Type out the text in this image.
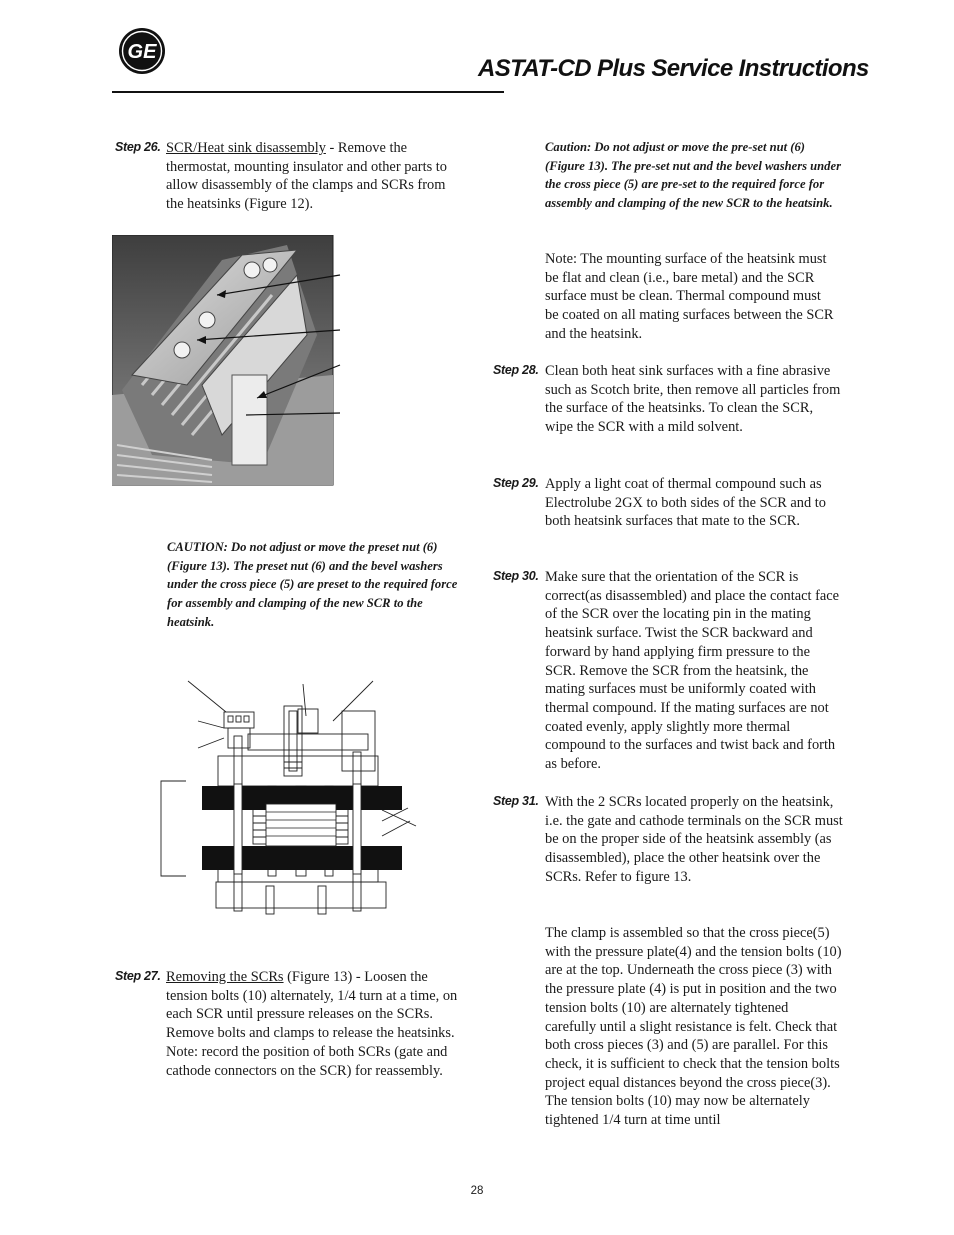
GE
ASTAT-CD Plus Service Instructions
Step 26. SCR/Heat sink disassembly - Remove the thermostat, mounting insulator and other parts to allow disassembly of the clamps and SCRs from the heatsinks (Figure 12).

CAUTION: Do not adjust or move the preset nut (6) (Figure 13). The preset nut (6) and the bevel washers under the cross piece (5) are preset to the required force for assembly and clamping of the new SCR to the heatsink.

Step 27. Removing the SCRs (Figure 13) - Loosen the tension bolts (10) alternately, 1/4 turn at a time, on each SCR until pressure releases on the SCRs. Remove bolts and clamps to release the heatsinks. Note: record the position of both SCRs (gate and cathode connectors on the SCR) for reassembly.

Caution: Do not adjust or move the pre-set nut (6) (Figure 13). The pre-set nut and the bevel washers under the cross piece (5) are pre-set to the required force for assembly and clamping of the new SCR to the heatsink.

Note: The mounting surface of the heatsink must be flat and clean (i.e., bare metal) and the SCR surface must be clean. Thermal compound must be coated on all mating surfaces between the SCR and the heatsink.

Step 28. Clean both heat sink surfaces with a fine abrasive such as Scotch brite, then remove all particles from the surface of the heatsinks. To clean the SCR, wipe the SCR with a mild solvent.

Step 29. Apply a light coat of thermal compound such as Electrolube 2GX to both sides of the SCR and to both heatsink surfaces that mate to the SCR.

Step 30. Make sure that the orientation of the SCR is correct(as disassembled) and place the contact face of the SCR over the locating pin in the mating heatsink surface. Twist the SCR backward and forward by hand applying firm pressure to the SCR. Remove the SCR from the heatsink, the mating surfaces must be uniformly coated with thermal compound. If the mating surfaces are not coated evenly, apply slightly more thermal compound to the surfaces and twist back and forth as before.

Step 31. With the 2 SCRs located properly on the heatsink, i.e. the gate and cathode terminals on the SCR must be on the proper side of the heatsink assembly (as disassembled), place the other heatsink over the SCRs. Refer to figure 13.

The clamp is assembled so that the cross piece(5) with the pressure plate(4) and the tension bolts (10) are at the top. Underneath the cross piece (3) with the pressure plate (4) is put in position and the two tension bolts (10) are alternately tightened carefully until a slight resistance is felt. Check that both cross pieces (3) and (5) are parallel. For this check, it is sufficient to check that the tension bolts project equal distances beyond the cross piece(3). The tension bolts (10) may now be alternately tightened 1/4 turn at time until

28
